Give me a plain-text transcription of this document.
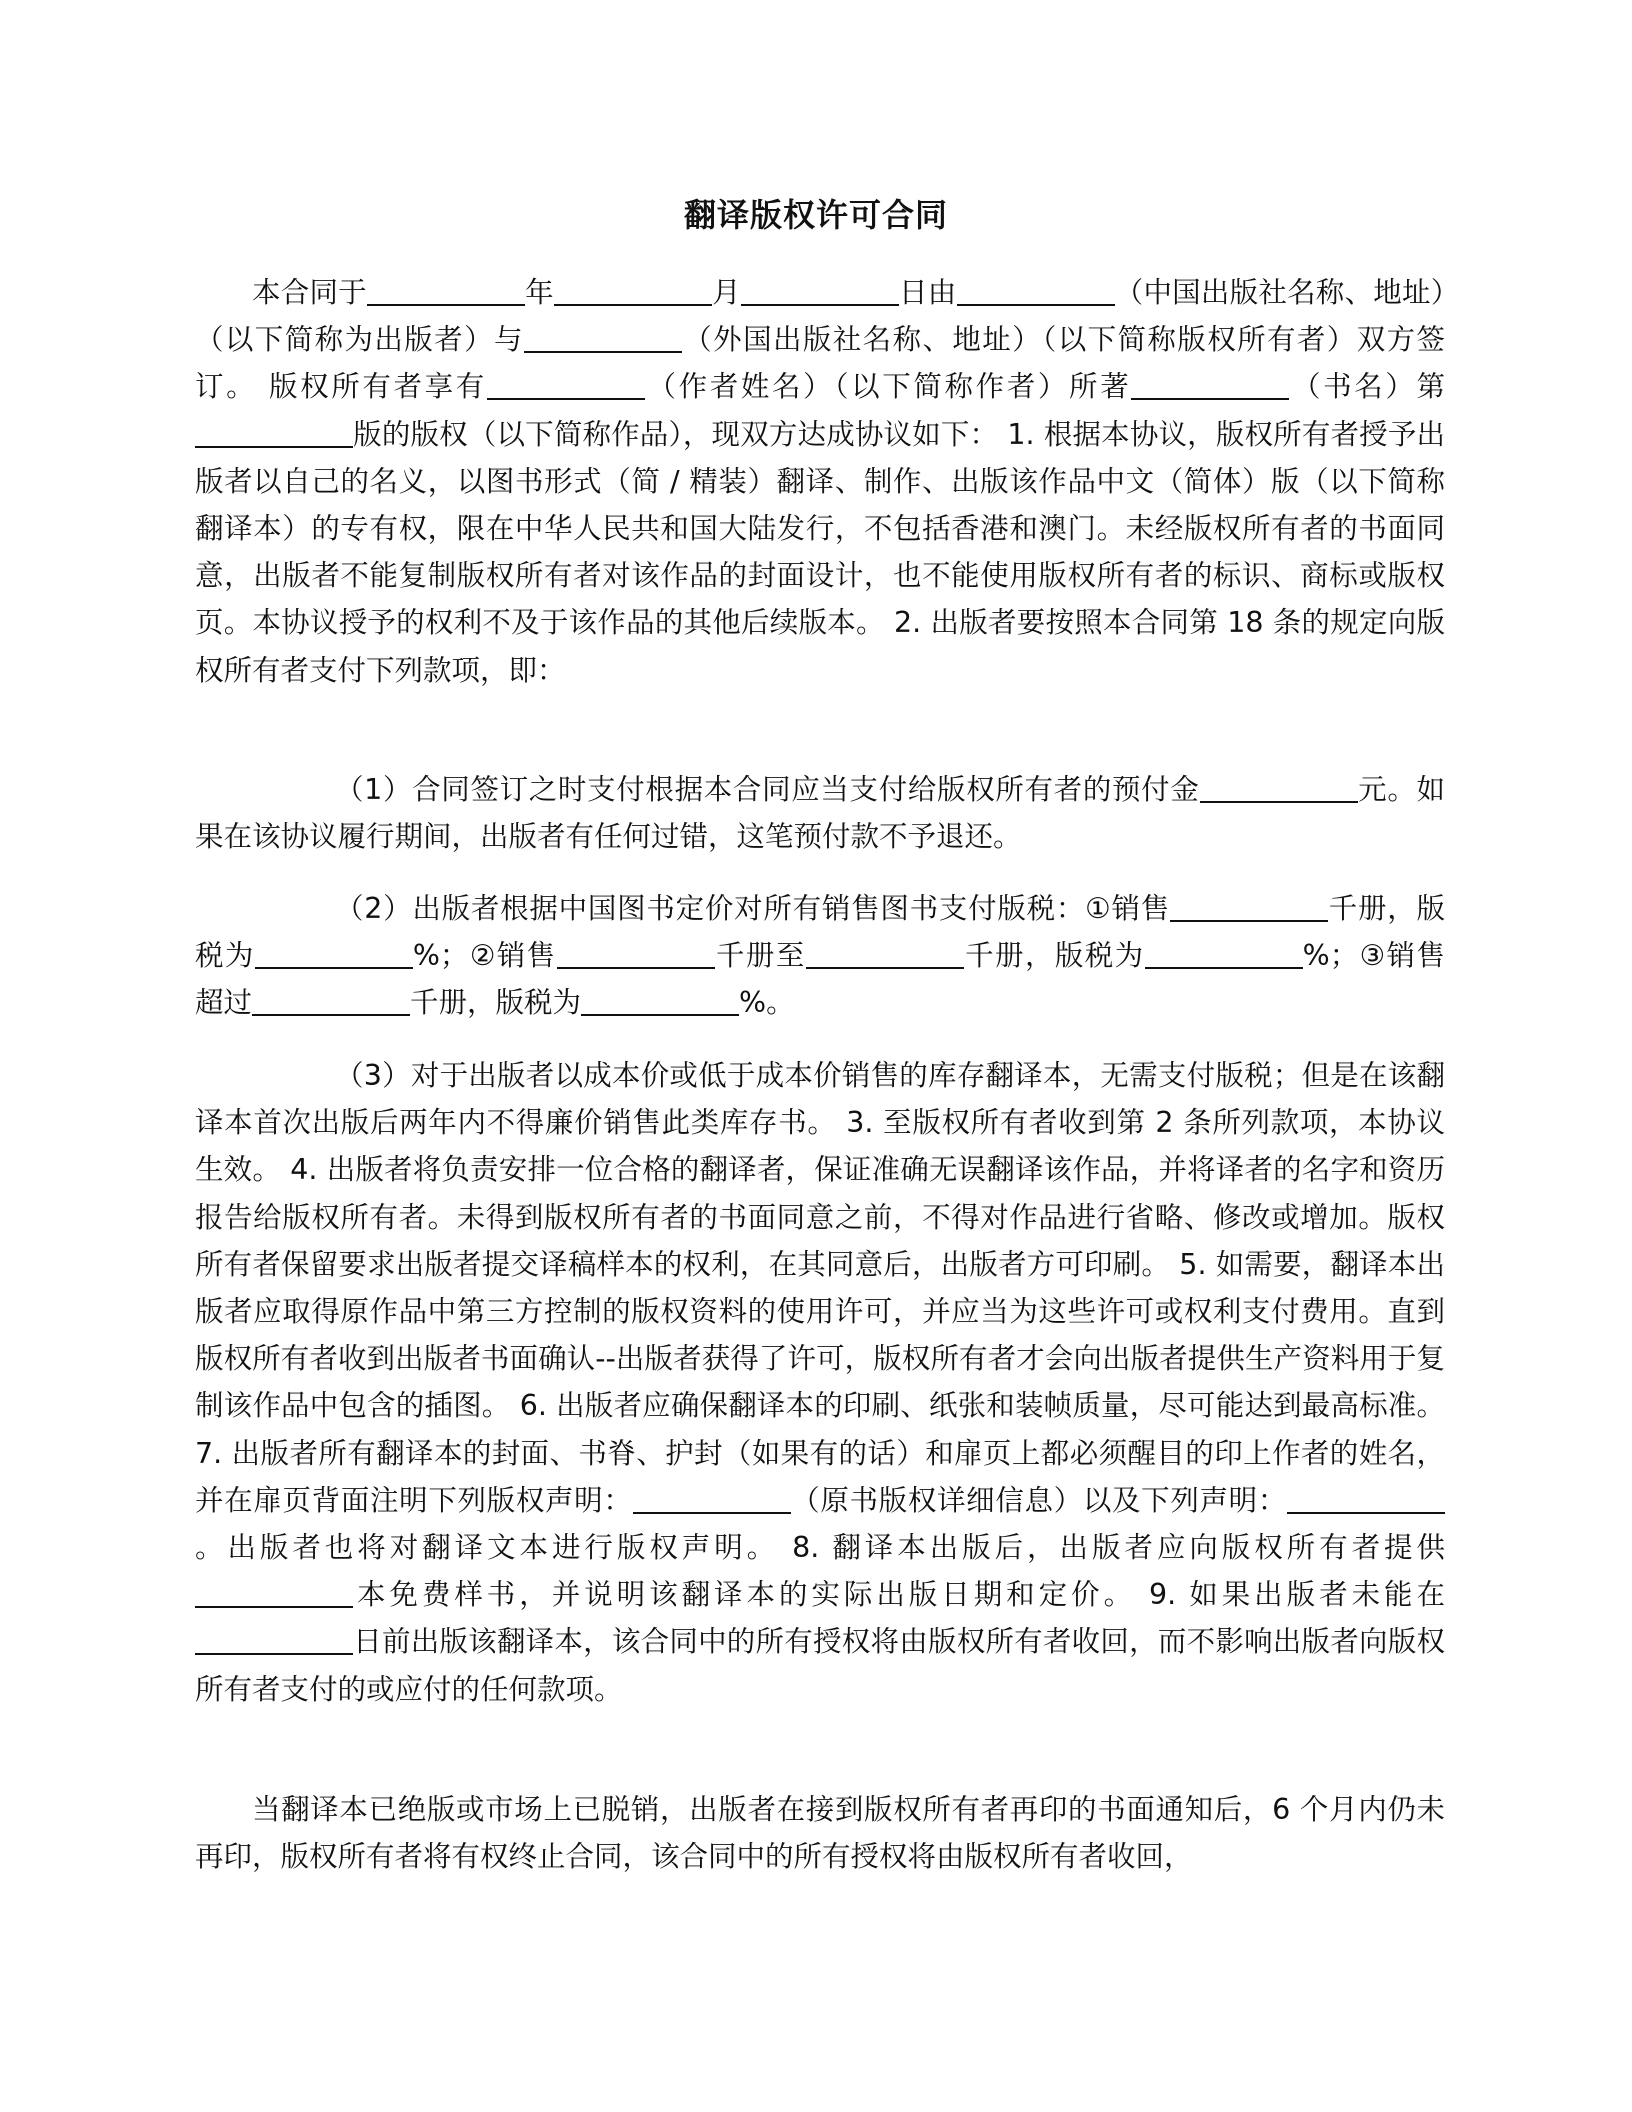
翻译版权许可合同

本合同于	年	月	日由	（中国出版社名称、地址）（以下简称为出版者）与	（外国出版社名称、地址）（以下简称版权所有者）双方签订。 版权所有者享有	（作者姓名）（以下简称作者）所著	（书名）第版的版权（以下简称作品），现双方达成协议如下： 1. 根据本协议，版权所有者授予出版者以自己的名义，以图书形式（简 / 精装）翻译、制作、出版该作品中文（简体）版（以下简称翻译本）的专有权，限在中华人民共和国大陆发行，不包括香港和澳门。未经版权所有者的书面同意，出版者不能复制版权所有者对该作品的封面设计，也不能使用版权所有者的标识、商标或版权页。本协议授予的权利不及于该作品的其他后续版本。 2. 出版者要按照本合同第 18 条的规定向版权所有者支付下列款项，即：

（1）合同签订之时支付根据本合同应当支付给版权所有者的预付金	元。如果在该协议履行期间，出版者有任何过错，这笔预付款不予退还。

（2）出版者根据中国图书定价对所有销售图书支付版税：①销售	千册，版税为	%；②销售	千册至	千册，版税为	%；③销售超过	千册，版税为	%。

（3）对于出版者以成本价或低于成本价销售的库存翻译本，无需支付版税；但是在该翻译本首次出版后两年内不得廉价销售此类库存书。 3. 至版权所有者收到第 2 条所列款项，本协议生效。 4. 出版者将负责安排一位合格的翻译者，保证准确无误翻译该作品，并将译者的名字和资历报告给版权所有者。未得到版权所有者的书面同意之前，不得对作品进行省略、修改或增加。版权所有者保留要求出版者提交译稿样本的权利，在其同意后，出版者方可印刷。 5. 如需要，翻译本出版者应取得原作品中第三方控制的版权资料的使用许可，并应当为这些许可或权利支付费用。直到版权所有者收到出版者书面确认--出版者获得了许可，版权所有者才会向出版者提供生产资料用于复制该作品中包含的插图。 6. 出版者应确保翻译本的印刷、纸张和装帧质量，尽可能达到最高标准。 7. 出版者所有翻译本的封面、书脊、护封（如果有的话）和扉页上都必须醒目的印上作者的姓名，并在扉页背面注明下列版权声明：	（原书版权详细信息）以及下列声明：。出版者也将对翻译文本进行版权声明。 8. 翻译本出版后，出版者应向版权所有者提供本免费样书，并说明该翻译本的实际出版日期和定价。 9. 如果出版者未能在日前出版该翻译本，该合同中的所有授权将由版权所有者收回，而不影响出版者向版权所有者支付的或应付的任何款项。

当翻译本已绝版或市场上已脱销，出版者在接到版权所有者再印的书面通知后，6 个月内仍未再印，版权所有者将有权终止合同，该合同中的所有授权将由版权所有者收回，
